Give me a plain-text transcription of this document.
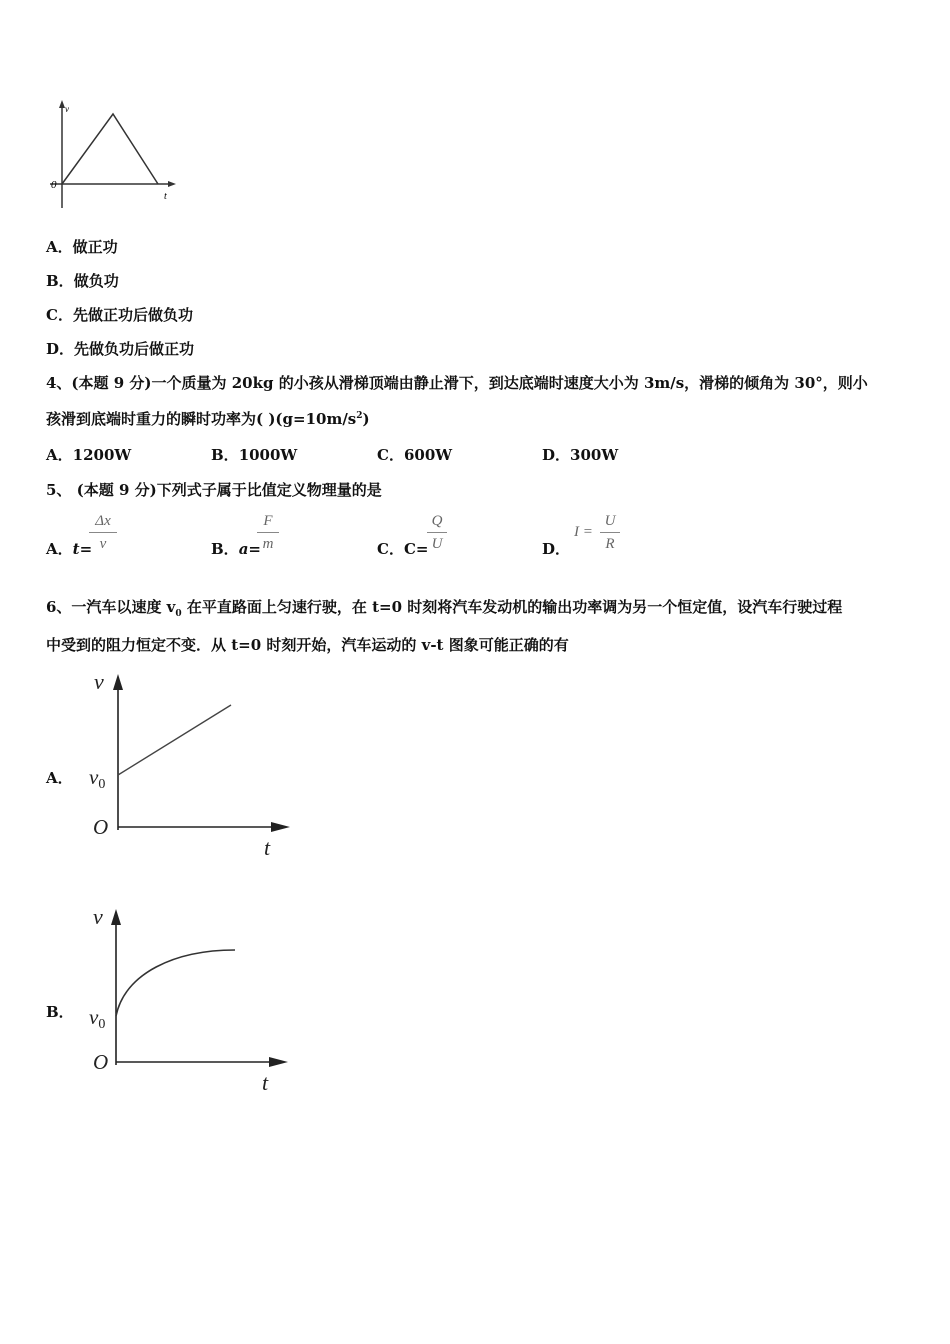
v
0
t
A．做正功
B．做负功
C．先做正功后做负功
D．先做负功后做正功
4、(本题 9 分)一个质量为 20kg 的小孩从滑梯顶端由静止滑下，到达底端时速度大小为 3m/s，滑梯的倾角为 30°，则小
孩滑到底端时重力的瞬时功率为( )$(g=10m/s^2)$
A．1200W	B．1000W	C．600W	D．300W
5、 (本题 9 分)下列式子属于比值定义物理量的是
A．t=
Δx
v	B．a=
F
m	C．C=
Q
U	D．
I =
U
R
6、一汽车以速度 $v_0$ 在平直路面上匀速行驶，在 t=0 时刻将汽车发动机的输出功率调为另一个恒定值，设汽车行驶过程
中受到的阻力恒定不变．从 t=0 时刻开始，汽车运动的 v-t 图象可能正确的有
A．
v
v0
O
t
B．
v
v0
O
t
